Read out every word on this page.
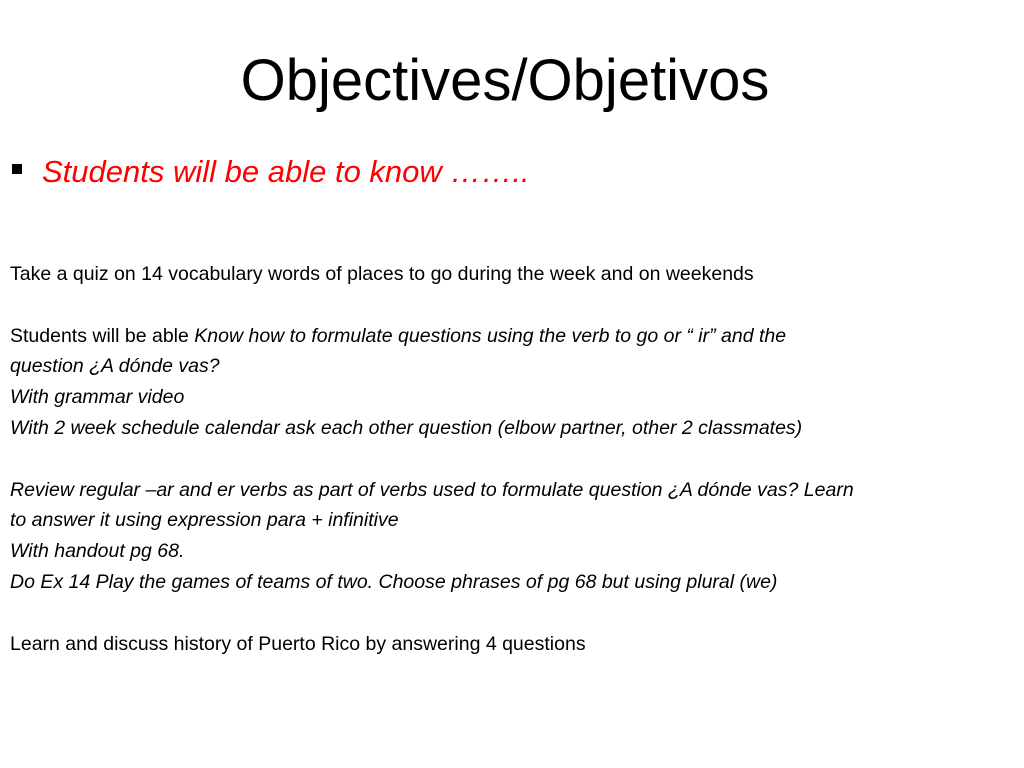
Objectives/Objetivos
Students will be able to know ……..
Take a quiz on 14 vocabulary words of places to go during the week and on weekends
Students will be able Know how to formulate questions using the verb to go or “ ir” and the
question ¿A dónde vas?
With grammar video
With 2 week schedule calendar ask each other question (elbow partner, other 2 classmates)
Review regular –ar and er verbs as part of verbs used to formulate question ¿A dónde vas? Learn
to answer it using expression para + infinitive
With handout pg 68.
Do Ex 14 Play the games of teams of two. Choose phrases of pg 68 but using plural (we)
Learn and discuss history of Puerto Rico by answering 4 questions
